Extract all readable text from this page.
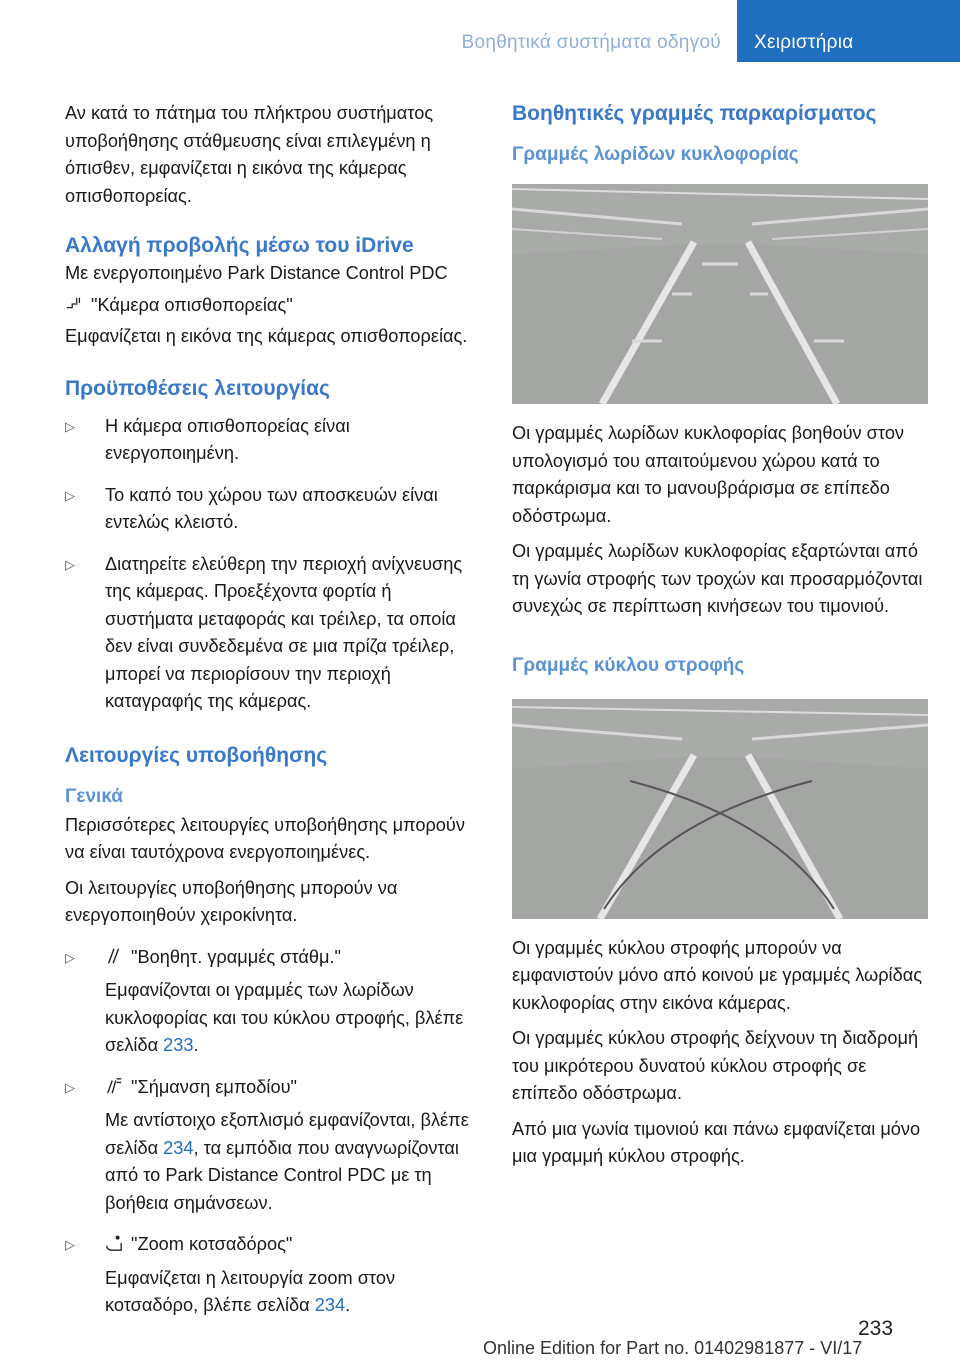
Βοηθητικά συστήματα οδηγού Χειριστήρια

Αν κατά το πάτημα του πλήκτρου συστήματος υποβοήθησης στάθμευσης είναι επιλεγμένη η όπισθεν, εμφανίζεται η εικόνα της κάμερας οπισθοπορείας.

Αλλαγή προβολής μέσω του iDrive

Με ενεργοποιημένο Park Distance Control PDC

"Κάμερα οπισθοπορείας"

Εμφανίζεται η εικόνα της κάμερας οπισθοπορείας.

Προϋποθέσεις λειτουργίας
▷	Η κάμερα οπισθοπορείας είναι ενεργοποιημένη.
▷	Το καπό του χώρου των αποσκευών είναι εντελώς κλειστό.
▷	Διατηρείτε ελεύθερη την περιοχή ανίχνευσης της κάμερας. Προεξέχοντα φορτία ή συστήματα μεταφοράς και τρέιλερ, τα οποία δεν είναι συνδεδεμένα σε μια πρίζα τρέιλερ, μπορεί να περιορίσουν την περιοχή καταγραφής της κάμερας.
Λειτουργίες υποβοήθησης
Γενικά

Περισσότερες λειτουργίες υποβοήθησης μπορούν να είναι ταυτόχρονα ενεργοποιημένες.

Οι λειτουργίες υποβοήθησης μπορούν να ενεργοποιηθούν χειροκίνητα.

▷	"Βοηθητ. γραμμές στάθμ."
Εμφανίζονται οι γραμμές των λωρίδων κυκλοφορίας και του κύκλου στροφής, βλέπε σελίδα 233.
▷	"Σήμανση εμποδίου"
Με αντίστοιχο εξοπλισμό εμφανίζονται, βλέπε σελίδα 234, τα εμπόδια που αναγνωρίζονται από το Park Distance Control PDC με τη βοήθεια σημάνσεων.
▷	"Zoom κοτσαδόρος"
Εμφανίζεται η λειτουργία zoom στον κοτσαδόρο, βλέπε σελίδα 234.
Βοηθητικές γραμμές παρκαρίσματος
Γραμμές λωρίδων κυκλοφορίας

Οι γραμμές λωρίδων κυκλοφορίας βοηθούν στον υπολογισμό του απαιτούμενου χώρου κατά το παρκάρισμα και το μανουβράρισμα σε επίπεδο οδόστρωμα.

Οι γραμμές λωρίδων κυκλοφορίας εξαρτώνται από τη γωνία στροφής των τροχών και προσαρμόζονται συνεχώς σε περίπτωση κινήσεων του τιμονιού.

Γραμμές κύκλου στροφής

Οι γραμμές κύκλου στροφής μπορούν να εμφανιστούν μόνο από κοινού με γραμμές λωρίδας κυκλοφορίας στην εικόνα κάμερας.

Οι γραμμές κύκλου στροφής δείχνουν τη διαδρομή του μικρότερου δυνατού κύκλου στροφής σε επίπεδο οδόστρωμα.

Από μια γωνία τιμονιού και πάνω εμφανίζεται μόνο μια γραμμή κύκλου στροφής.

233
Online Edition for Part no. 01402981877 - VI/17
